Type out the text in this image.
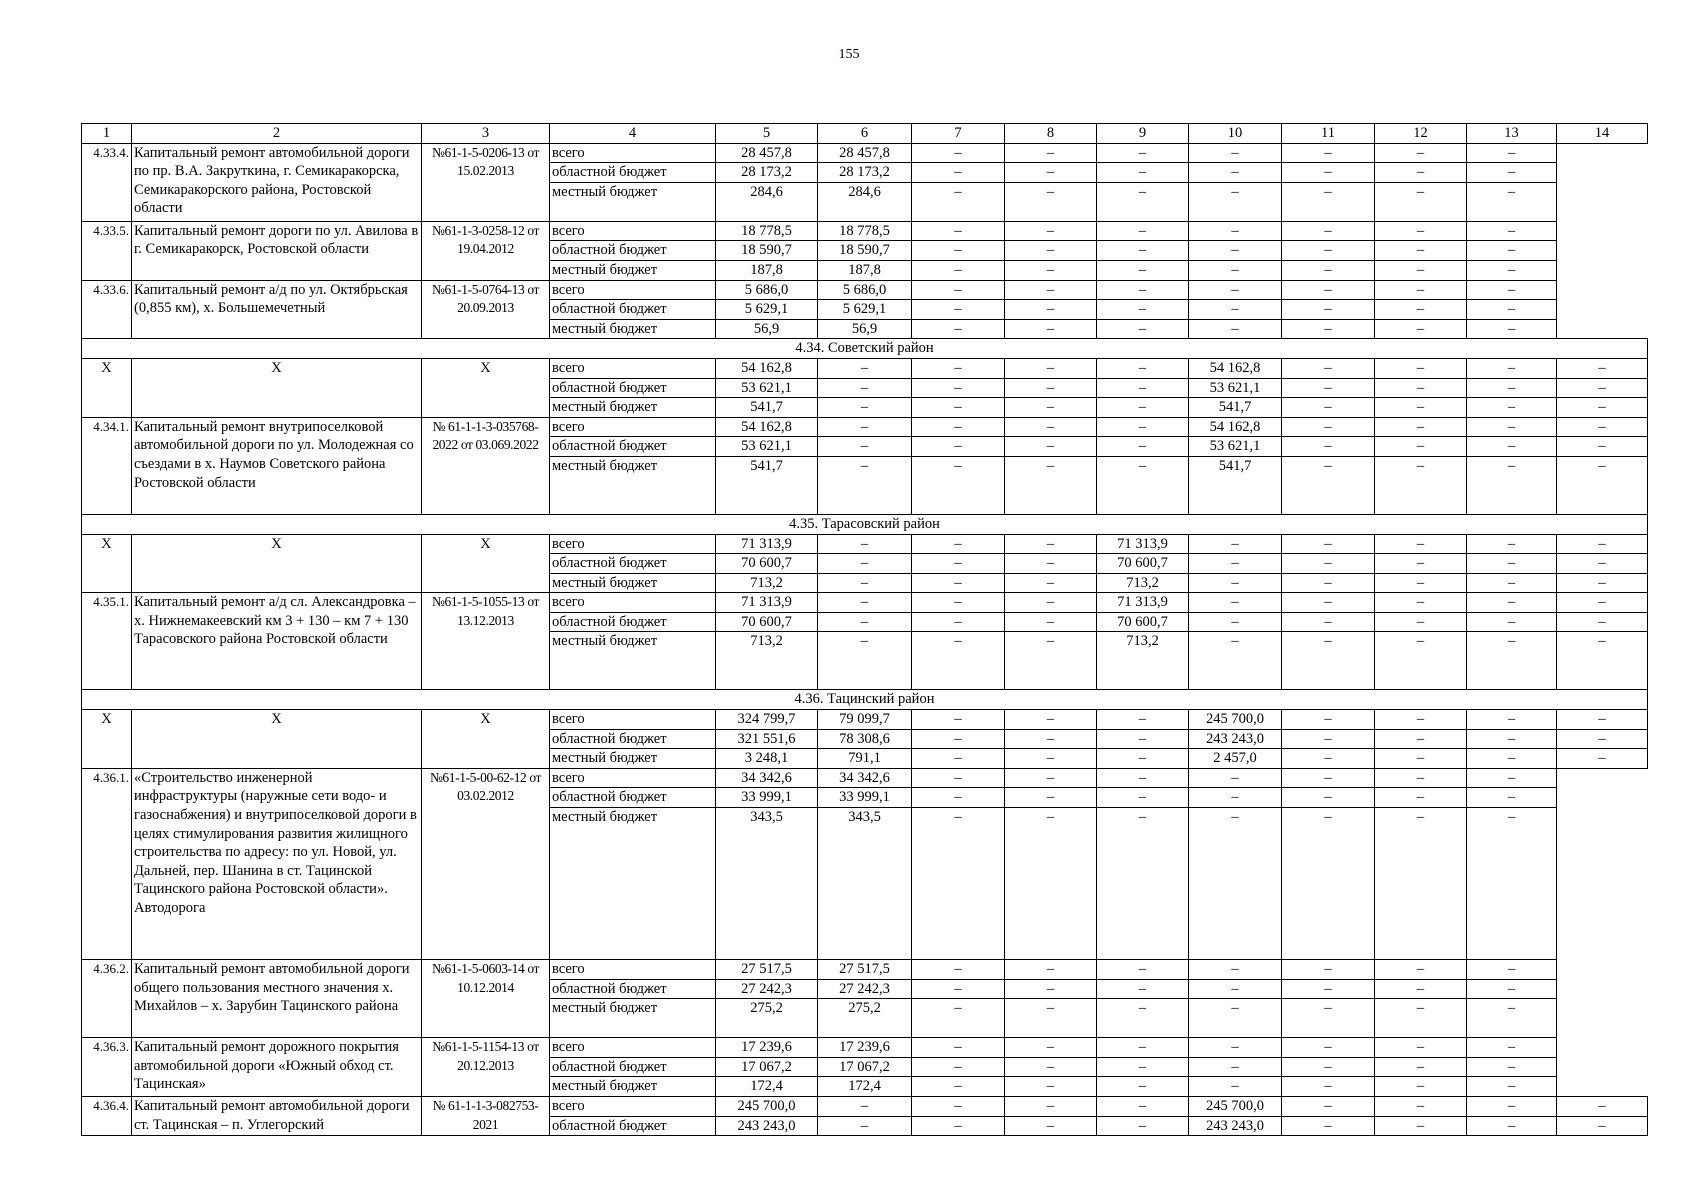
155
1	2	3	4	5	6	7	8	9	10	11	12	13	14
4.33.4.	Капитальный ремонт автомобильной дороги по пр. В.А. Закруткина, г. Семикаракорска, Семикаракорского района, Ростовской области	№61-1-5-0206-13 от 15.02.2013	всего	28 457,8	28 457,8	–	–	–	–	–	–	–	
			областной бюджет	28 173,2	28 173,2	–	–	–	–	–	–	–	
			местный бюджет	284,6	284,6	–	–	–	–	–	–	–	
4.33.5.	Капитальный ремонт дороги по ул. Авилова в г. Семикаракорск, Ростовской области	№61-1-3-0258-12 от 19.04.2012	всего	18 778,5	18 778,5	–	–	–	–	–	–	–	
			областной бюджет	18 590,7	18 590,7	–	–	–	–	–	–	–	
			местный бюджет	187,8	187,8	–	–	–	–	–	–	–	
4.33.6.	Капитальный ремонт а/д по ул. Октябрьская (0,855 км), х. Большемечетный	№61-1-5-0764-13 от 20.09.2013	всего	5 686,0	5 686,0	–	–	–	–	–	–	–	
			областной бюджет	5 629,1	5 629,1	–	–	–	–	–	–	–	
			местный бюджет	56,9	56,9	–	–	–	–	–	–	–	
4.34. Советский район													
Х	Х	Х	всего	54 162,8	–	–	–	–	54 162,8	–	–	–	–
			областной бюджет	53 621,1	–	–	–	–	53 621,1	–	–	–	–
			местный бюджет	541,7	–	–	–	–	541,7	–	–	–	–
4.34.1.	Капитальный ремонт внутрипоселковой автомобильной дороги по ул. Молодежная со съездами в х. Наумов Советского района Ростовской области	№ 61-1-1-3-035768-2022 от 03.069.2022	всего	54 162,8	–	–	–	–	54 162,8	–	–	–	–
			областной бюджет	53 621,1	–	–	–	–	53 621,1	–	–	–	–
			местный бюджет	541,7	–	–	–	–	541,7	–	–	–	–
4.35. Тарасовский район													
Х	Х	Х	всего	71 313,9	–	–	–	71 313,9	–	–	–	–	–
			областной бюджет	70 600,7	–	–	–	70 600,7	–	–	–	–	–
			местный бюджет	713,2	–	–	–	713,2	–	–	–	–	–
4.35.1.	Капитальный ремонт а/д сл. Александровка – х. Нижнемакеевский км 3 + 130 – км 7 + 130 Тарасовского района Ростовской области	№61-1-5-1055-13 от 13.12.2013	всего	71 313,9	–	–	–	71 313,9	–	–	–	–	–
			областной бюджет	70 600,7	–	–	–	70 600,7	–	–	–	–	–
			местный бюджет	713,2	–	–	–	713,2	–	–	–	–	–
4.36. Тацинский район													
Х	Х	Х	всего	324 799,7	79 099,7	–	–	–	245 700,0	–	–	–	–
			областной бюджет	321 551,6	78 308,6	–	–	–	243 243,0	–	–	–	–
			местный бюджет	3 248,1	791,1	–	–	–	2 457,0	–	–	–	–
4.36.1.	«Строительство инженерной инфраструктуры (наружные сети водо- и газоснабжения) и внутрипоселковой дороги в целях стимулирования развития жилищного строительства по адресу: по ул. Новой, ул. Дальней, пер. Шанина в ст. Тацинской Тацинского района Ростовской области». Автодорога	№61-1-5-00-62-12 от 03.02.2012	всего	34 342,6	34 342,6	–	–	–	–	–	–	–	
			областной бюджет	33 999,1	33 999,1	–	–	–	–	–	–	–	
			местный бюджет	343,5	343,5	–	–	–	–	–	–	–	
4.36.2.	Капитальный ремонт автомобильной дороги общего пользования местного значения х. Михайлов – х. Зарубин Тацинского района	№61-1-5-0603-14 от 10.12.2014	всего	27 517,5	27 517,5	–	–	–	–	–	–	–	
			областной бюджет	27 242,3	27 242,3	–	–	–	–	–	–	–	
			местный бюджет	275,2	275,2	–	–	–	–	–	–	–	
4.36.3.	Капитальный ремонт дорожного покрытия автомобильной дороги «Южный обход ст. Тацинская»	№61-1-5-1154-13 от 20.12.2013	всего	17 239,6	17 239,6	–	–	–	–	–	–	–	
			областной бюджет	17 067,2	17 067,2	–	–	–	–	–	–	–	
			местный бюджет	172,4	172,4	–	–	–	–	–	–	–	
4.36.4.	Капитальный ремонт автомобильной дороги ст. Тацинская – п. Углегорский	№ 61-1-1-3-082753-2021	всего	245 700,0	–	–	–	–	245 700,0	–	–	–	–
			областной бюджет	243 243,0	–	–	–	–	243 243,0	–	–	–	–
